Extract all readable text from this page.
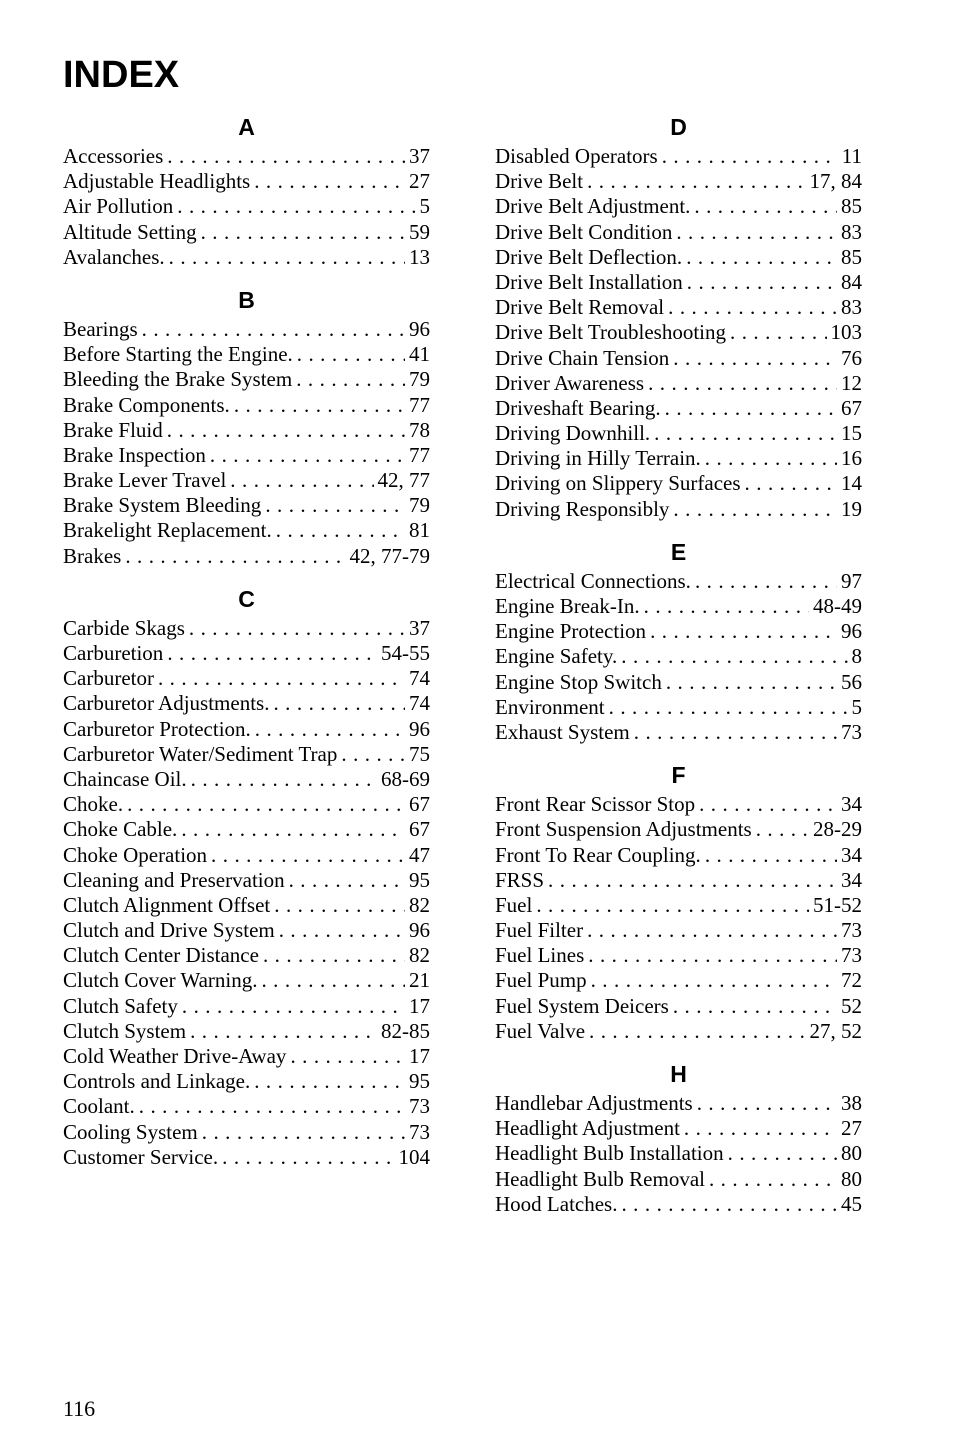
INDEX
A
Accessories . . .	37
Adjustable Headlights . . .	27
Air Pollution . . .	5
Altitude Setting . . .	59
Avalanches. . . .	13
B
Bearings . . .	96
Before Starting the Engine. . . .	41
Bleeding the Brake System . . .	79
Brake Components. . . .	77
Brake Fluid . . .	78
Brake Inspection . . .	77
Brake Lever Travel . . .	42, 77
Brake System Bleeding . . .	79
Brakelight Replacement. . . .	81
Brakes . . .	42, 77-79
C
Carbide Skags . . .	37
Carburetion . . .	54-55
Carburetor . . .	74
Carburetor Adjustments. . . .	74
Carburetor Protection. . . .	96
Carburetor Water/Sediment Trap . . .	75
Chaincase Oil. . . .	68-69
Choke. . . .	67
Choke Cable. . . .	67
Choke Operation . . .	47
Cleaning and Preservation . . .	95
Clutch Alignment Offset . . .	82
Clutch and Drive System . . .	96
Clutch Center Distance . . .	82
Clutch Cover Warning. . . .	21
Clutch Safety . . .	17
Clutch System . . .	82-85
Cold Weather Drive-Away . . .	17
Controls and Linkage. . . .	95
Coolant. . . .	73
Cooling System . . .	73
Customer Service. . . .	104
D
Disabled Operators . . .	11
Drive Belt . . .	17, 84
Drive Belt Adjustment. . . .	85
Drive Belt Condition . . .	83
Drive Belt Deflection. . . .	85
Drive Belt Installation . . .	84
Drive Belt Removal . . .	83
Drive Belt Troubleshooting . . .	103
Drive Chain Tension . . .	76
Driver Awareness . . .	12
Driveshaft Bearing. . . .	67
Driving Downhill. . . .	15
Driving in Hilly Terrain. . . .	16
Driving on Slippery Surfaces . . .	14
Driving Responsibly . . .	19
E
Electrical Connections. . . .	97
Engine Break-In. . . .	48-49
Engine Protection . . .	96
Engine Safety. . . .	8
Engine Stop Switch . . .	56
Environment . . .	5
Exhaust System . . .	73
F
Front Rear Scissor Stop . . .	34
Front Suspension Adjustments . . .	28-29
Front To Rear Coupling. . . .	34
FRSS . . .	34
Fuel . . .	51-52
Fuel Filter . . .	73
Fuel Lines . . .	73
Fuel Pump . . .	72
Fuel System Deicers . . .	52
Fuel Valve . . .	27, 52
H
Handlebar Adjustments . . .	38
Headlight Adjustment . . .	27
Headlight Bulb Installation . . .	80
Headlight Bulb Removal . . .	80
Hood Latches. . . .	45
116
